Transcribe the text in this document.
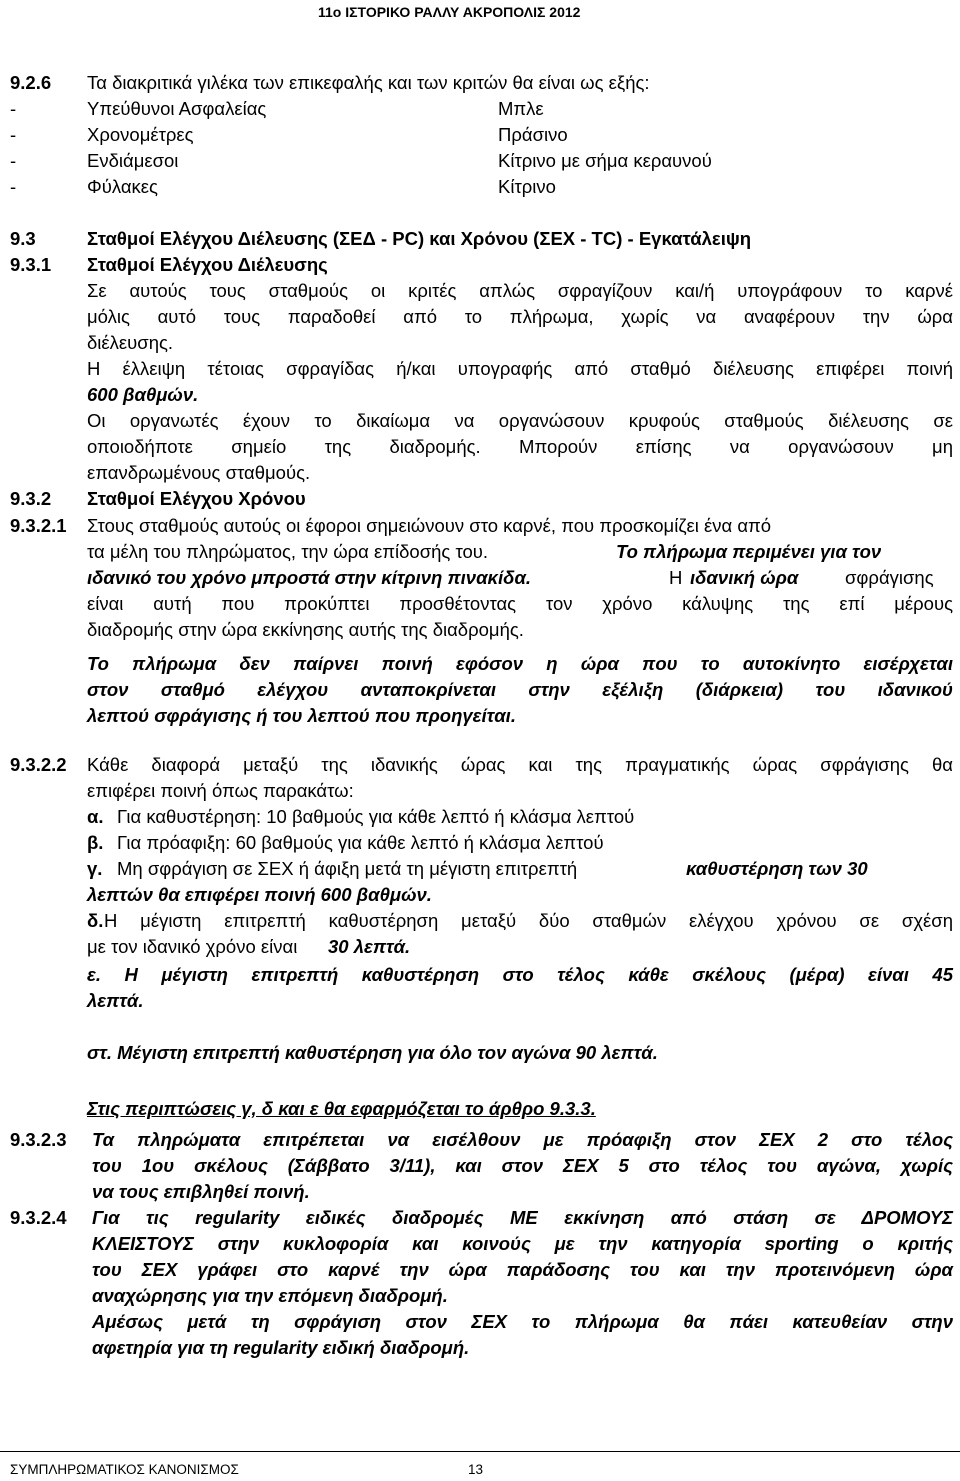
11ο ΙΣΤΟΡΙΚΟ ΡΑΛΛΥ ΑΚΡΟΠΟΛΙΣ 2012
9.2.6 Τα διακριτικά γιλέκα των επικεφαλής και των κριτών θα είναι ως εξής:
-	Υπεύθυνοι Ασφαλείας	Μπλε
-	Χρονομέτρες	Πράσινο
-	Ενδιάμεσοι	Κίτρινο με σήμα κεραυνού
-	Φύλακες	Κίτρινο
9.3	Σταθμοί Ελέγχου Διέλευσης (ΣΕΔ - PC) και Χρόνου (ΣΕΧ - TC) - Εγκατάλειψη
9.3.1 Σταθμοί Ελέγχου Διέλευσης
Σε αυτούς τους σταθμούς οι κριτές απλώς σφραγίζουν και/ή υπογράφουν το καρνέ
μόλις αυτό τους παραδοθεί από το πλήρωμα, χωρίς να αναφέρουν την ώρα
διέλευσης.
Η έλλειψη τέτοιας σφραγίδας ή/και υπογραφής από σταθμό διέλευσης επιφέρει ποινή
600 βαθμών.
Οι οργανωτές έχουν το δικαίωμα να οργανώσουν κρυφούς σταθμούς διέλευσης σε
οποιοδήποτε σημείο της διαδρομής. Μπορούν επίσης να οργανώσουν μη
επανδρωμένους σταθμούς.
9.3.2 Σταθμοί Ελέγχου Χρόνου
9.3.2.1 Στους σταθμούς αυτούς οι έφοροι σημειώνουν στο καρνέ, που προσκομίζει ένα από
τα μέλη του πληρώματος, την ώρα επίδοσής του.	Το πλήρωμα περιμένει για τον
ιδανικό του χρόνο μπροστά στην κίτρινη πινακίδα.	Η ιδανική ώρα	σφράγισης
είναι αυτή που προκύπτει προσθέτοντας τον χρόνο κάλυψης της επί μέρους
διαδρομής στην ώρα εκκίνησης αυτής της διαδρομής.
Το πλήρωμα δεν παίρνει ποινή εφόσον η ώρα που το αυτοκίνητο εισέρχεται
στον σταθμό ελέγχου ανταποκρίνεται στην εξέλιξη (διάρκεια) του ιδανικού
λεπτού σφράγισης ή του λεπτού που προηγείται.
9.3.2.2 Κάθε διαφορά μεταξύ της ιδανικής ώρας και της πραγματικής ώρας σφράγισης θα
επιφέρει ποινή όπως παρακάτω:
α. Για καθυστέρηση: 10 βαθμούς για κάθε λεπτό ή κλάσμα λεπτού
β. Για πρόαφιξη: 60 βαθμούς για κάθε λεπτό ή κλάσμα λεπτού
γ. Μη σφράγιση σε ΣΕΧ ή άφιξη μετά τη μέγιστη επιτρεπτή	καθυστέρηση των 30
λεπτών θα επιφέρει ποινή 600 βαθμών.
δ. Η μέγιστη επιτρεπτή καθυστέρηση μεταξύ δύο σταθμών ελέγχου χρόνου σε σχέση
με τον ιδανικό χρόνο είναι 30 λεπτά.
ε. Η μέγιστη επιτρεπτή καθυστέρηση στο τέλος κάθε σκέλους (μέρα) είναι 45
λεπτά.
στ. Μέγιστη επιτρεπτή καθυστέρηση για όλο τον αγώνα 90 λεπτά.
Στις περιπτώσεις γ, δ και ε θα εφαρμόζεται το άρθρο 9.3.3.
9.3.2.3 Τα πληρώματα επιτρέπεται να εισέλθουν με πρόαφιξη στον ΣΕΧ 2 στο τέλος
του 1ου σκέλους (Σάββατο 3/11), και στον ΣΕΧ 5 στο τέλος του αγώνα, χωρίς
να τους επιβληθεί ποινή.
9.3.2.4 Για τις regularity ειδικές διαδρομές ΜΕ εκκίνηση από στάση σε ΔΡΟΜΟΥΣ
ΚΛΕΙΣΤΟΥΣ στην κυκλοφορία και κοινούς με την κατηγορία sporting ο κριτής
του ΣΕΧ γράφει στο καρνέ την ώρα παράδοσης του και την προτεινόμενη ώρα
αναχώρησης για την επόμενη διαδρομή.
Αμέσως μετά τη σφράγιση στον ΣΕΧ το πλήρωμα θα πάει κατευθείαν στην
αφετηρία για τη regularity ειδική διαδρομή.
ΣΥΜΠΛΗΡΩΜΑΤΙΚΟΣ ΚΑΝΟΝΙΣΜΟΣ	13
